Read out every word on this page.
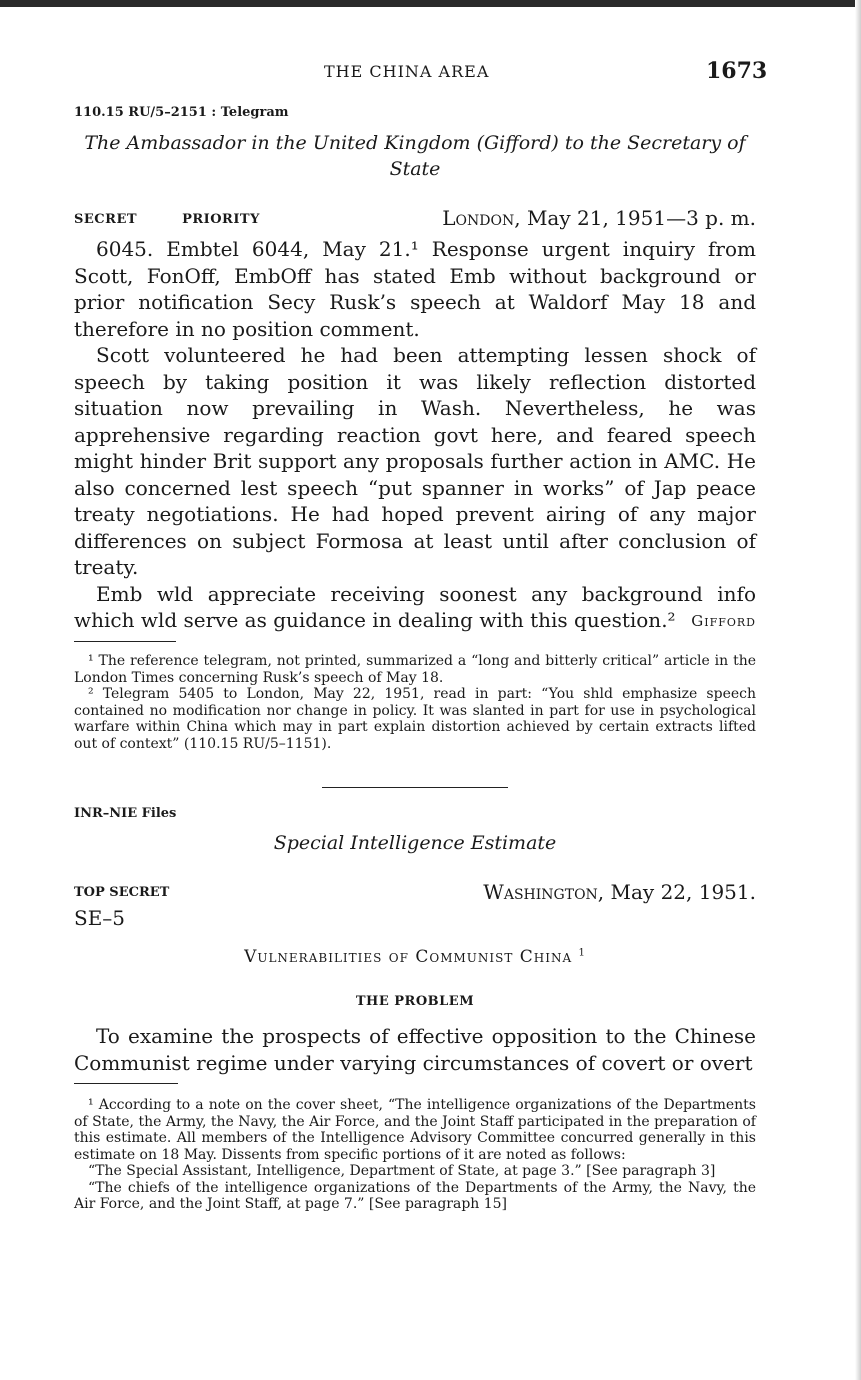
THE CHINA AREA	1673
110.15 RU/5–2151 : Telegram
The Ambassador in the United Kingdom (Gifford) to the Secretary of State
SECRET	PRIORITY	London, May 21, 1951—3 p. m.

6045. Embtel 6044, May 21.¹ Response urgent inquiry from Scott, FonOff, EmbOff has stated Emb without background or prior notification Secy Rusk’s speech at Waldorf May 18 and therefore in no position comment.

Scott volunteered he had been attempting lessen shock of speech by taking position it was likely reflection distorted situation now prevailing in Wash. Nevertheless, he was apprehensive regarding reaction govt here, and feared speech might hinder Brit support any proposals further action in AMC. He also concerned lest speech “put spanner in works” of Jap peace treaty negotiations. He had hoped prevent airing of any major differences on subject Formosa at least until after conclusion of treaty.

Emb wld appreciate receiving soonest any background info which wld serve as guidance in dealing with this question.²	Gifford

¹ The reference telegram, not printed, summarized a “long and bitterly critical” article in the London Times concerning Rusk’s speech of May 18.

² Telegram 5405 to London, May 22, 1951, read in part: “You shld emphasize speech contained no modification nor change in policy. It was slanted in part for use in psychological warfare within China which may in part explain distortion achieved by certain extracts lifted out of context” (110.15 RU/5–1151).

INR–NIE Files
Special Intelligence Estimate
TOP SECRET
SE–5
Washington, May 22, 1951.
Vulnerabilities of Communist China $^1$
THE PROBLEM

To examine the prospects of effective opposition to the Chinese Communist regime under varying circumstances of covert or overt

¹ According to a note on the cover sheet, “The intelligence organizations of the Departments of State, the Army, the Navy, the Air Force, and the Joint Staff participated in the preparation of this estimate. All members of the Intelligence Advisory Committee concurred generally in this estimate on 18 May. Dissents from specific portions of it are noted as follows:

“The Special Assistant, Intelligence, Department of State, at page 3.” [See paragraph 3]

“The chiefs of the intelligence organizations of the Departments of the Army, the Navy, the Air Force, and the Joint Staff, at page 7.” [See paragraph 15]
